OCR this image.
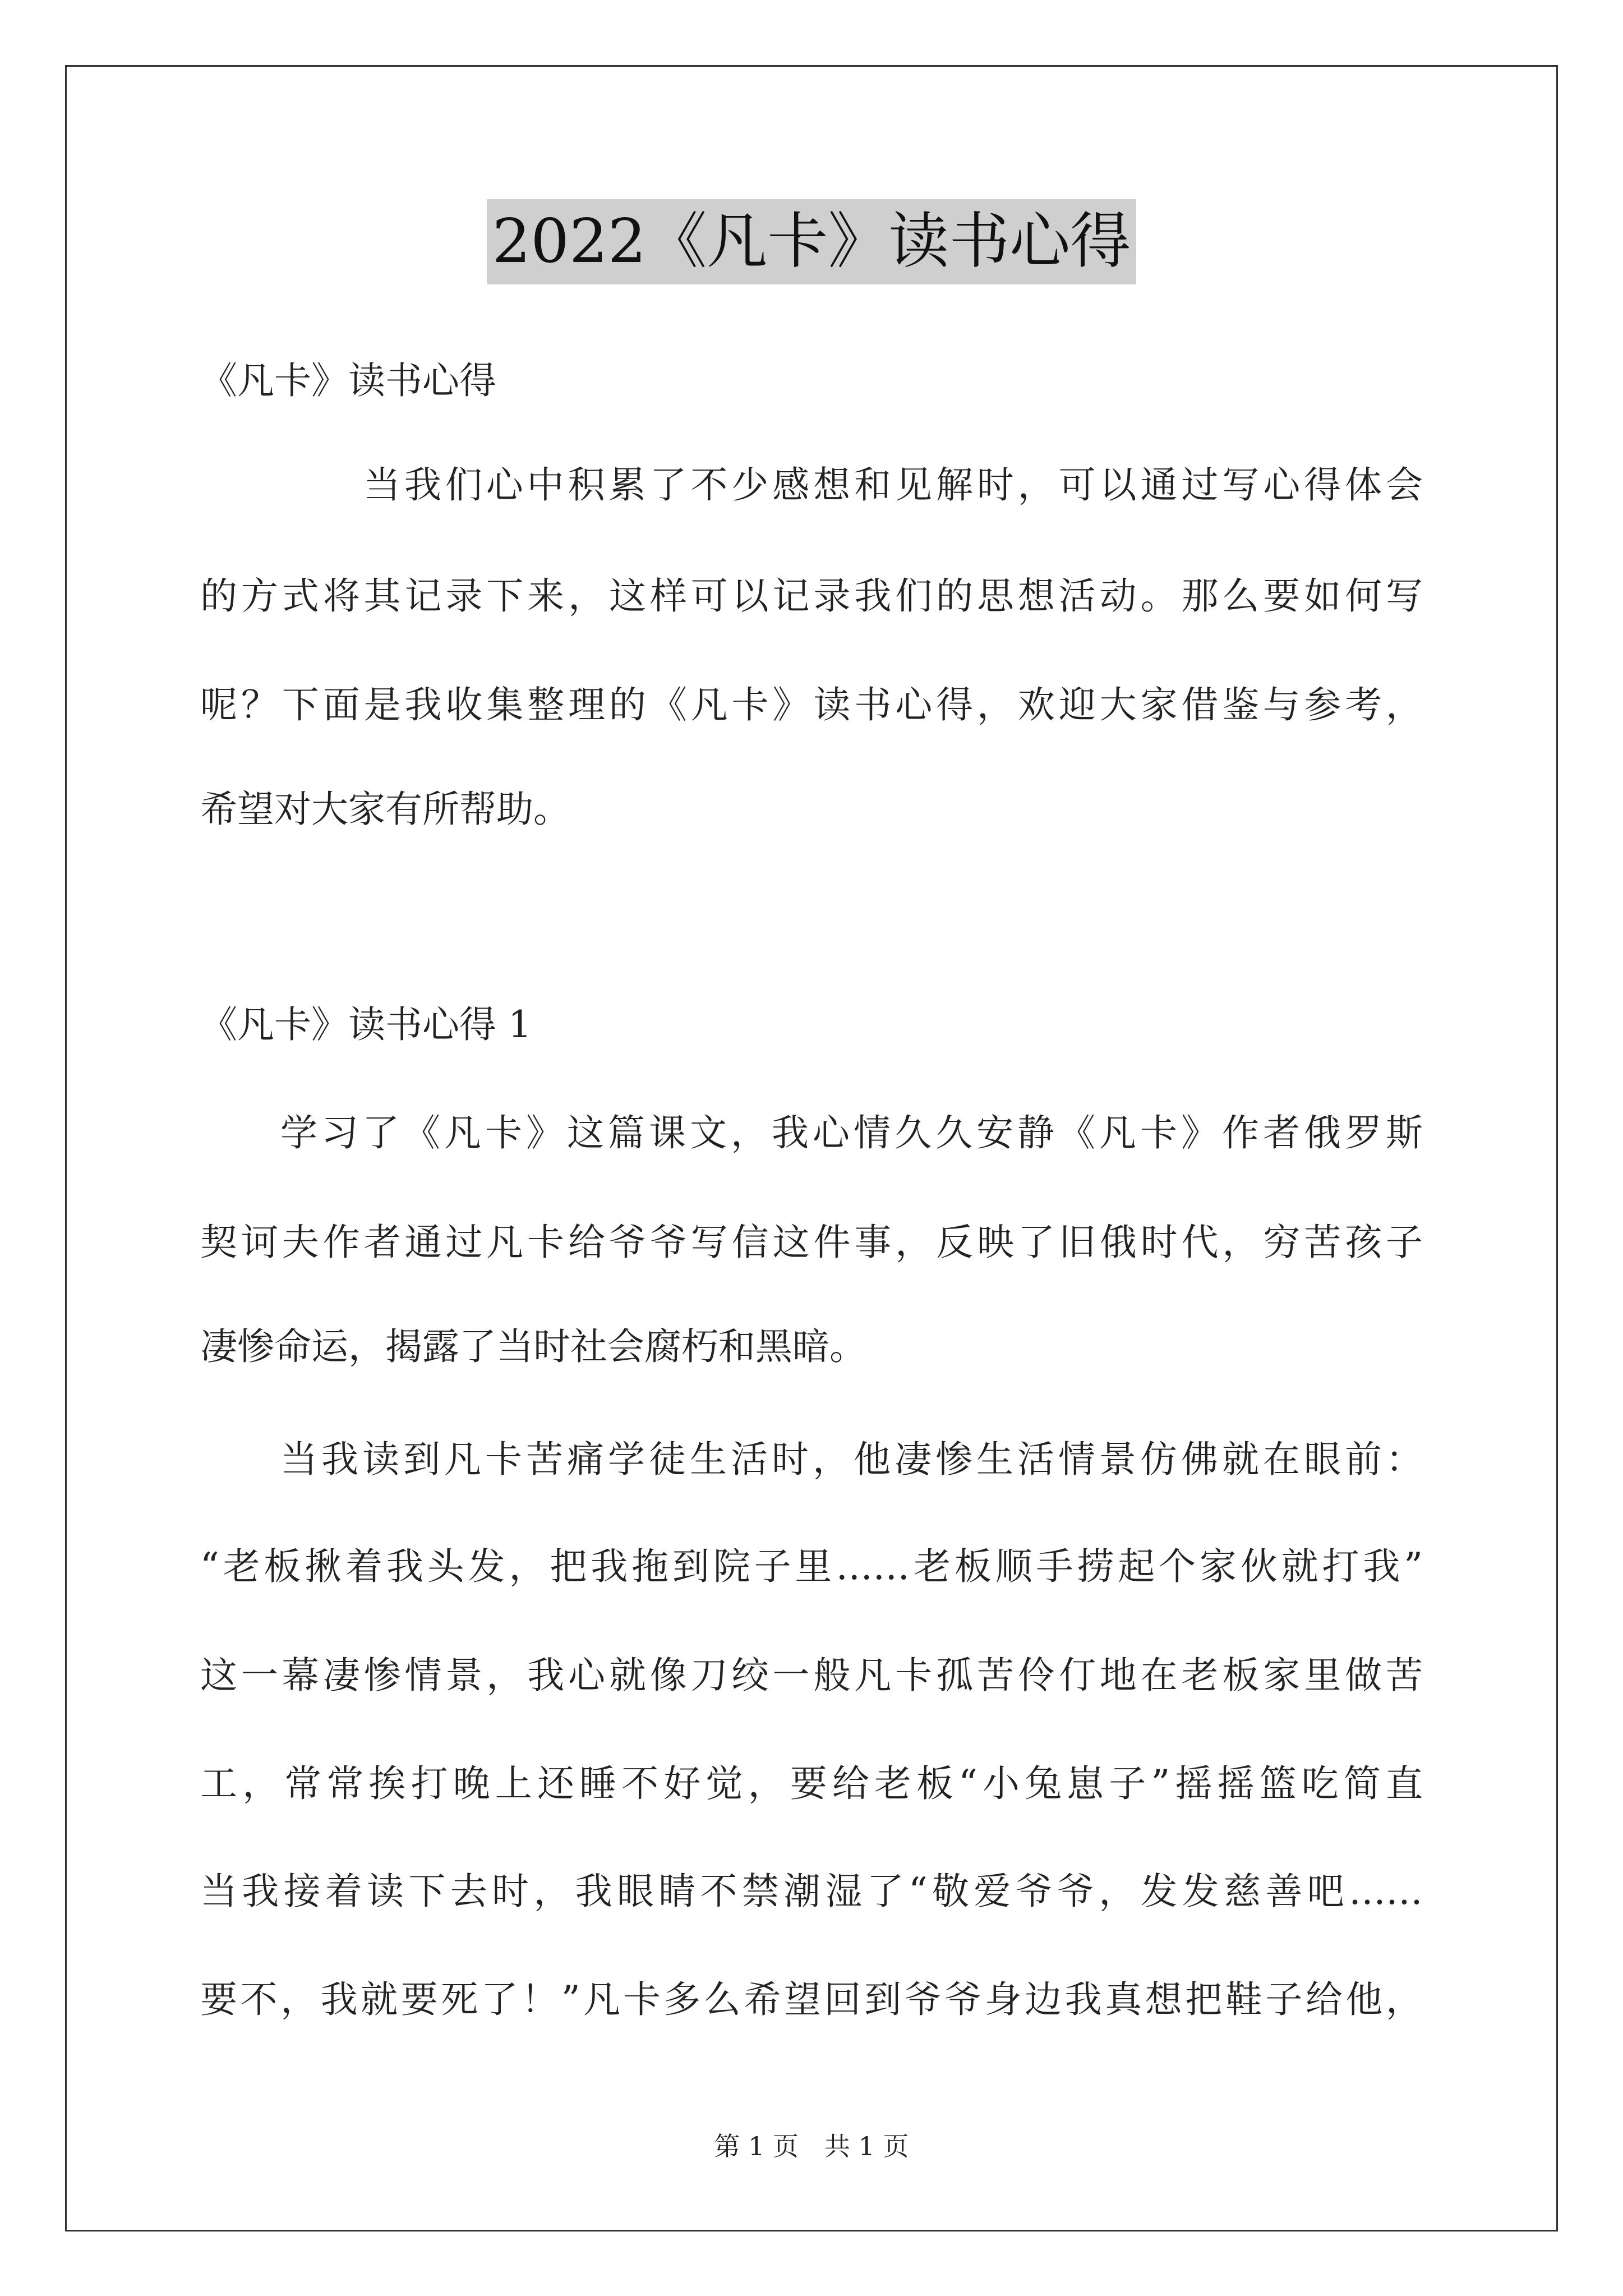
2022《凡卡》读书心得
《凡卡》读书心得
当我们心中积累了不少感想和见解时，可以通过写心得体会
的方式将其记录下来，这样可以记录我们的思想活动。那么要如何写
呢？下面是我收集整理的《凡卡》读书心得，欢迎大家借鉴与参考，
希望对大家有所帮助。
《凡卡》读书心得 1
学习了《凡卡》这篇课文，我心情久久安静《凡卡》作者俄罗斯
契诃夫作者通过凡卡给爷爷写信这件事，反映了旧俄时代，穷苦孩子
凄惨命运，揭露了当时社会腐朽和黑暗。
当我读到凡卡苦痛学徒生活时，他凄惨生活情景仿佛就在眼前：
“老板揪着我头发，把我拖到院子里……老板顺手捞起个家伙就打我”
这一幕凄惨情景，我心就像刀绞一般凡卡孤苦伶仃地在老板家里做苦
工，常常挨打晚上还睡不好觉，要给老板“小兔崽子”摇摇篮吃简直
当我接着读下去时，我眼睛不禁潮湿了“敬爱爷爷，发发慈善吧……
要不，我就要死了！”凡卡多么希望回到爷爷身边我真想把鞋子给他，
第 1 页　共 1 页
